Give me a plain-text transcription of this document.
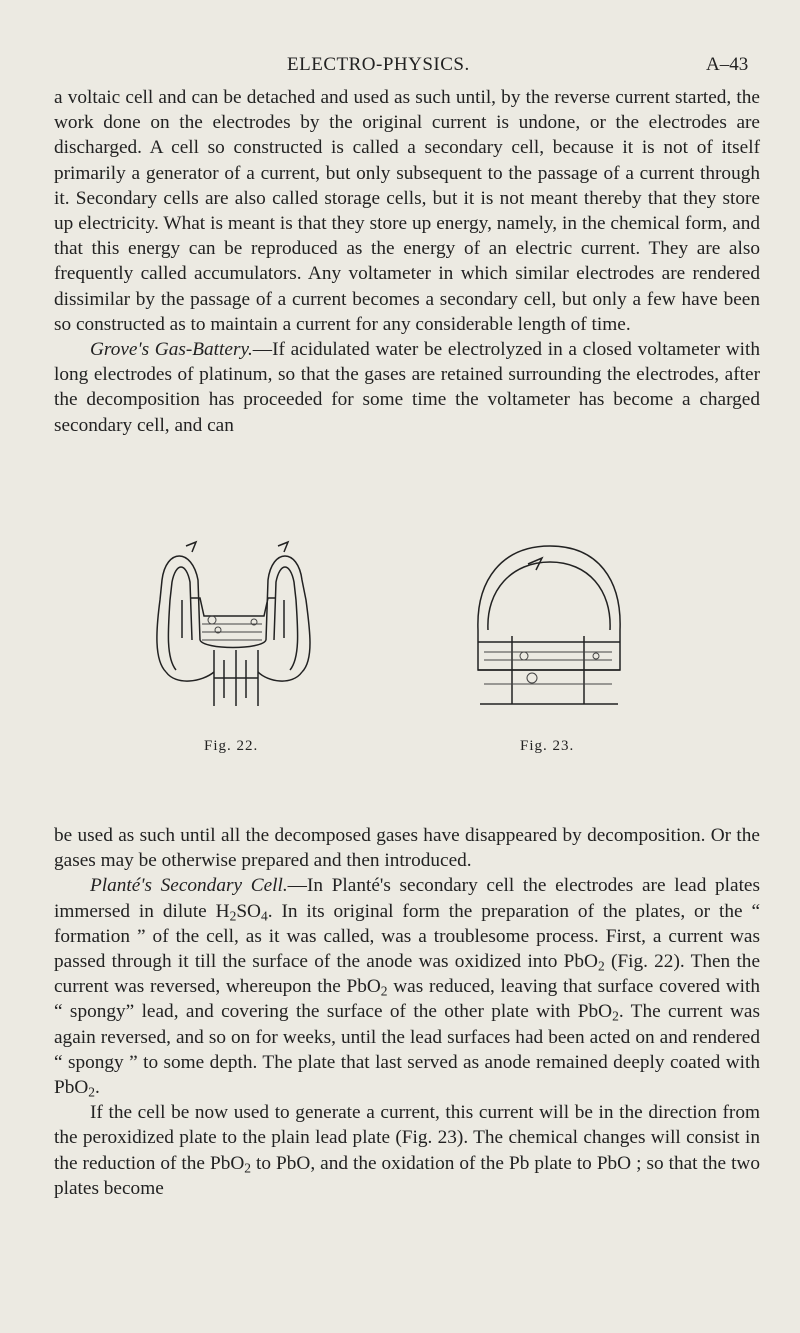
ELECTRO-PHYSICS.	A–43

a voltaic cell and can be detached and used as such until, by the reverse current started, the work done on the electrodes by the original current is undone, or the electrodes are discharged. A cell so constructed is called a secondary cell, because it is not of itself primarily a generator of a current, but only subsequent to the passage of a current through it. Secondary cells are also called storage cells, but it is not meant thereby that they store up electricity. What is meant is that they store up energy, namely, in the chemical form, and that this energy can be reproduced as the energy of an electric current. They are also frequently called accumulators. Any voltameter in which similar electrodes are rendered dissimilar by the passage of a current becomes a secondary cell, but only a few have been so constructed as to maintain a current for any considerable length of time.

Grove's Gas-Battery.—If acidulated water be electrolyzed in a closed voltameter with long electrodes of platinum, so that the gases are retained surrounding the electrodes, after the decomposition has proceeded for some time the voltameter has become a charged secondary cell, and can

Fig. 22.	Fig. 23.

be used as such until all the decomposed gases have disappeared by decomposition. Or the gases may be otherwise prepared and then introduced.

Planté's Secondary Cell.—In Planté's secondary cell the electrodes are lead plates immersed in dilute $H_2SO_4$. In its original form the preparation of the plates, or the “ formation ” of the cell, as it was called, was a troublesome process. First, a current was passed through it till the surface of the anode was oxidized into PbO$_2$ (Fig. 22). Then the current was reversed, whereupon the PbO$_2$ was reduced, leaving that surface covered with “ spongy” lead, and covering the surface of the other plate with PbO$_2$. The current was again reversed, and so on for weeks, until the lead surfaces had been acted on and rendered “ spongy ” to some depth. The plate that last served as anode remained deeply coated with PbO$_2$.

If the cell be now used to generate a current, this current will be in the direction from the peroxidized plate to the plain lead plate (Fig. 23). The chemical changes will consist in the reduction of the PbO$_2$ to PbO, and the oxidation of the Pb plate to PbO ; so that the two plates become
